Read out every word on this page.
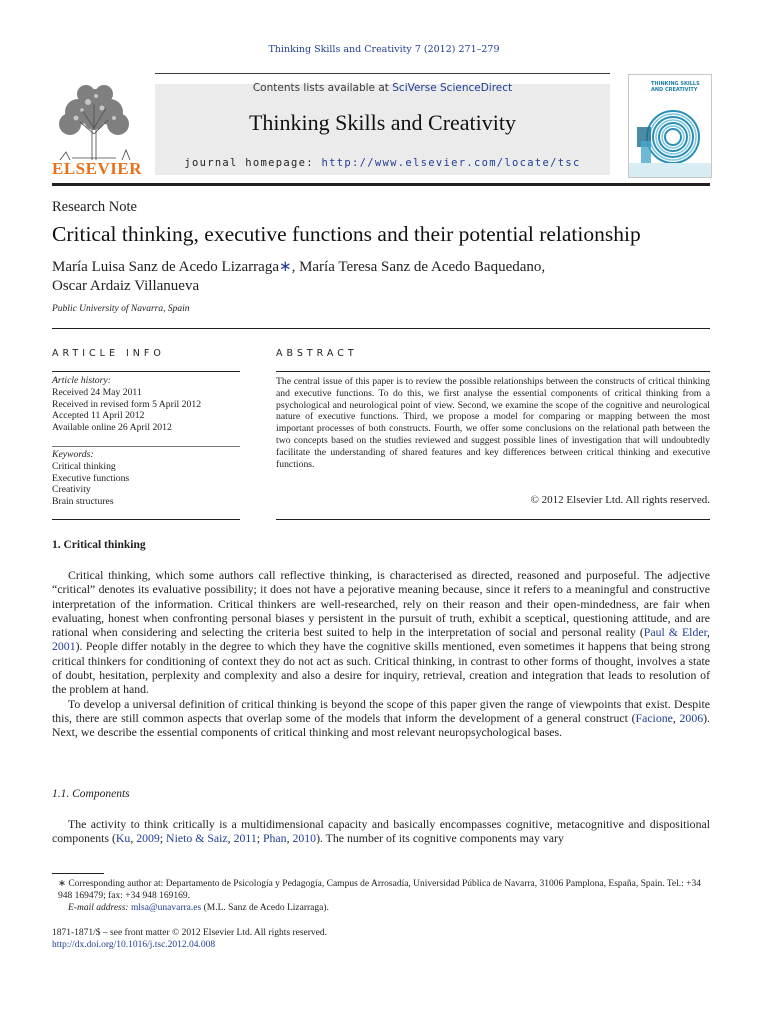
Thinking Skills and Creativity 7 (2012) 271–279
ELSEVIER
Contents lists available at SciVerse ScienceDirect
Thinking Skills and Creativity
journal homepage: http://www.elsevier.com/locate/tsc
THINKING SKILLS
AND CREATIVITY
Research Note
Critical thinking, executive functions and their potential relationship
María Luisa Sanz de Acedo Lizarraga∗, María Teresa Sanz de Acedo Baquedano,
Oscar Ardaiz Villanueva
Public University of Navarra, Spain
ARTICLE INFO
Article history:
Received 24 May 2011
Received in revised form 5 April 2012
Accepted 11 April 2012
Available online 26 April 2012
Keywords:
Critical thinking
Executive functions
Creativity
Brain structures
ABSTRACT
The central issue of this paper is to review the possible relationships between the constructs of critical thinking and executive functions. To do this, we first analyse the essential components of critical thinking from a psychological and neurological point of view. Second, we examine the scope of the cognitive and neurological nature of executive functions. Third, we propose a model for comparing or mapping between the most important processes of both constructs. Fourth, we offer some conclusions on the relational path between the two concepts based on the studies reviewed and suggest possible lines of investigation that will undoubtedly facilitate the understanding of shared features and key differences between critical thinking and executive functions.
© 2012 Elsevier Ltd. All rights reserved.
1. Critical thinking

Critical thinking, which some authors call reflective thinking, is characterised as directed, reasoned and purposeful. The adjective “critical” denotes its evaluative possibility; it does not have a pejorative meaning because, since it refers to a meaningful and constructive interpretation of the information. Critical thinkers are well-researched, rely on their reason and their open-mindedness, are fair when evaluating, honest when confronting personal biases y persistent in the pursuit of truth, exhibit a sceptical, questioning attitude, and are rational when considering and selecting the criteria best suited to help in the interpretation of social and personal reality (Paul & Elder, 2001). People differ notably in the degree to which they have the cognitive skills mentioned, even sometimes it happens that being strong critical thinkers for conditioning of context they do not act as such. Critical thinking, in contrast to other forms of thought, involves a state of doubt, hesitation, perplexity and complexity and also a desire for inquiry, retrieval, creation and integration that leads to resolution of the problem at hand.

To develop a universal definition of critical thinking is beyond the scope of this paper given the range of viewpoints that exist. Despite this, there are still common aspects that overlap some of the models that inform the development of a general construct (Facione, 2006). Next, we describe the essential components of critical thinking and most relevant neuropsychological bases.

1.1. Components

The activity to think critically is a multidimensional capacity and basically encompasses cognitive, metacognitive and dispositional components (Ku, 2009; Nieto & Saiz, 2011; Phan, 2010). The number of its cognitive components may vary

∗ Corresponding author at: Departamento de Psicología y Pedagogía, Campus de Arrosadía, Universidad Pública de Navarra, 31006 Pamplona, España, Spain. Tel.: +34 948 169479; fax: +34 948 169169.
E-mail address: mlsa@unavarra.es (M.L. Sanz de Acedo Lizarraga).
1871-1871/$ – see front matter © 2012 Elsevier Ltd. All rights reserved.
http://dx.doi.org/10.1016/j.tsc.2012.04.008
